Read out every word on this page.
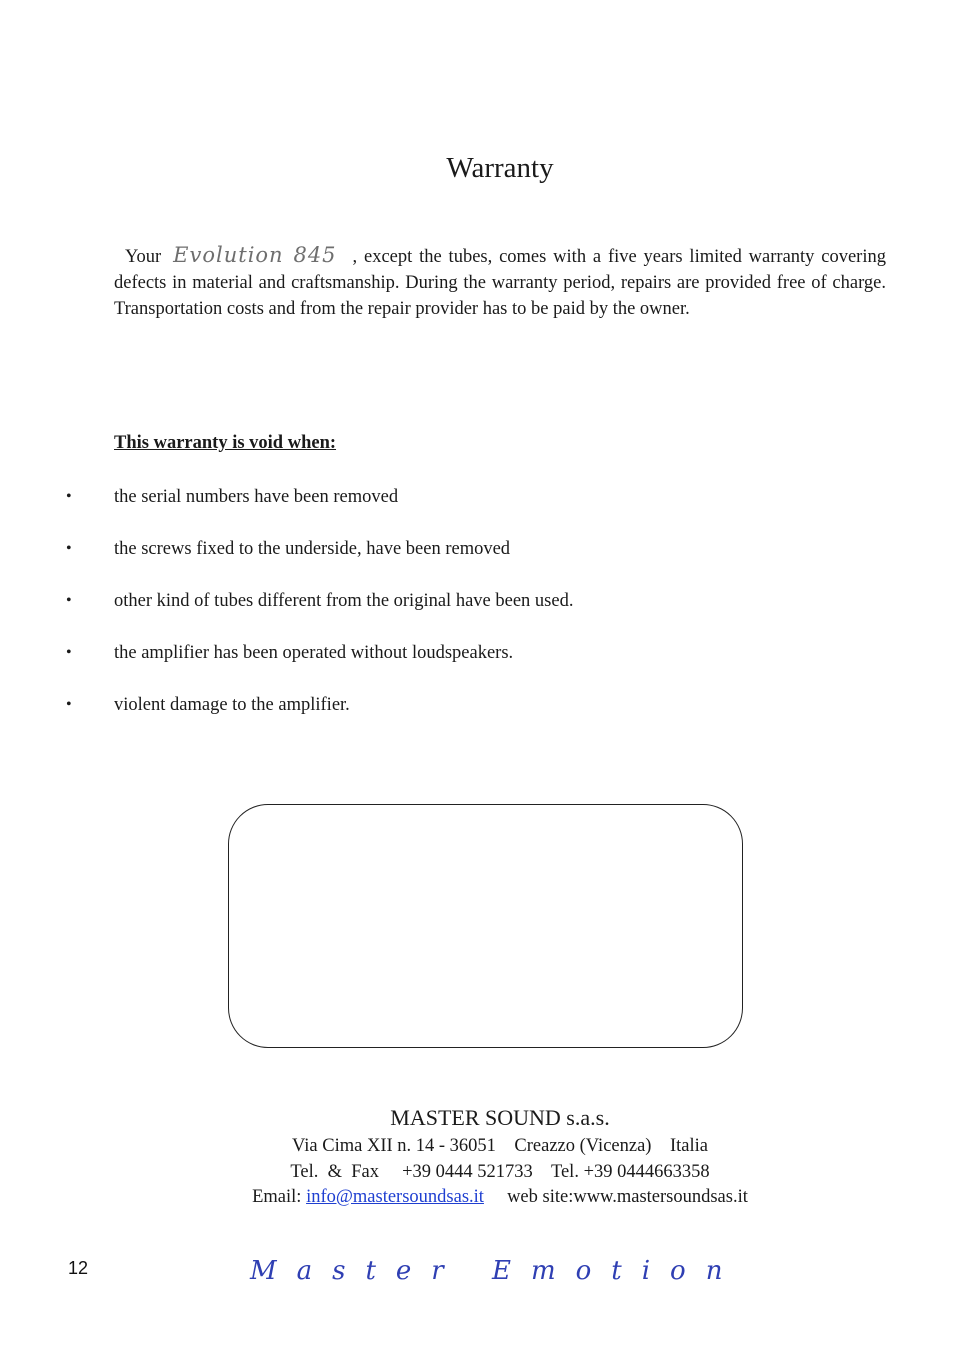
Warranty
Your Evolution 845 , except the tubes, comes with a five years limited warranty covering defects in material and craftsmanship. During the warranty period, repairs are provided free of charge. Transportation costs and from the repair provider has to be paid by the owner.
This warranty is void when:
• the serial numbers have been removed
• the screws fixed to the underside, have been removed
• other kind of tubes different from the original have been used.
• the amplifier has been operated without loudspeakers.
• violent damage to the amplifier.
MASTER SOUND s.a.s.
Via Cima XII n. 14 - 36051    Creazzo (Vicenza)    Italia
Tel.  &  Fax     +39 0444 521733    Tel. +39 0444663358
Email: info@mastersoundsas.it     web site:www.mastersoundsas.it
12	Master Emotion
